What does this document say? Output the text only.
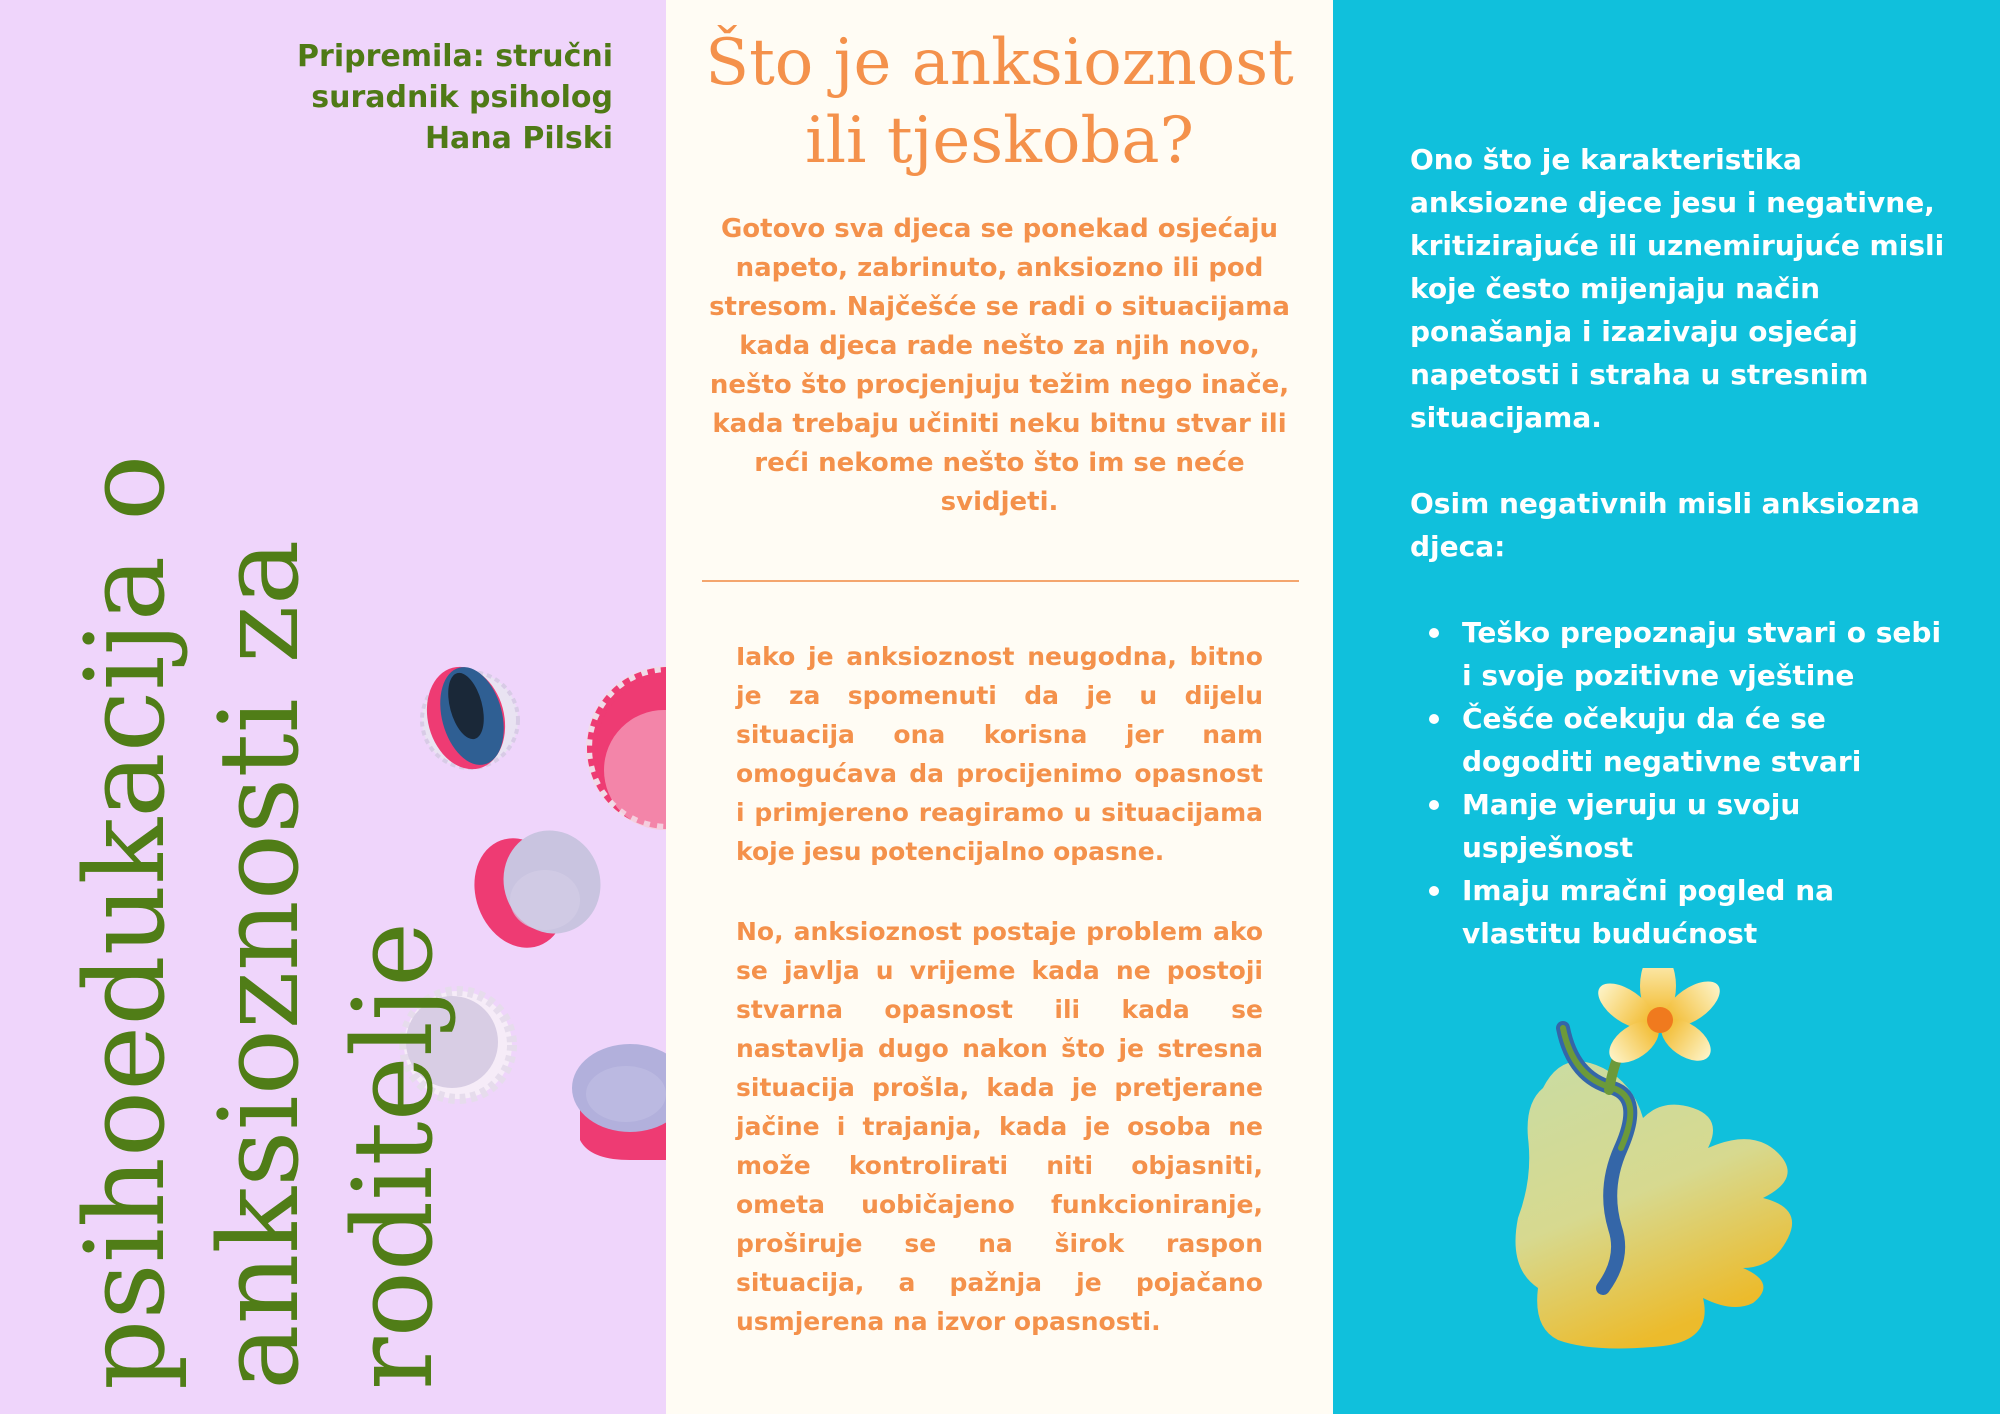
Pripremila: stručni
suradnik psiholog
Hana Pilski
psihoedukacija o anksioznosti za roditelje
Što je anksioznost
ili tjeskoba?
Gotovo sva djeca se ponekad osjećaju napeto, zabrinuto, anksiozno ili pod stresom. Najčešće se radi o situacijama kada djeca rade nešto za njih novo, nešto što procjenjuju težim nego inače, kada trebaju učiniti neku bitnu stvar ili reći nekome nešto što im se neće svidjeti.
Iako je anksioznost neugodna, bitno je za spomenuti da je u dijelu situacija ona korisna jer nam omogućava da procijenimo opasnost i primjereno reagiramo u situacijama koje jesu potencijalno opasne.
No, anksioznost postaje problem ako se javlja u vrijeme kada ne postoji stvarna opasnost ili kada se nastavlja dugo nakon što je stresna situacija prošla, kada je pretjerane jačine i trajanja, kada je osoba ne može kontrolirati niti objasniti, ometa uobičajeno funkcioniranje, proširuje se na širok raspon situacija, a pažnja je pojačano usmjerena na izvor opasnosti.

Ono što je karakteristika anksiozne djece jesu i negativne, kritizirajuće ili uznemirujuće misli koje često mijenjaju način ponašanja i izazivaju osjećaj napetosti i straha u stresnim situacijama.

Osim negativnih misli anksiozna djeca:

Teško prepoznaju stvari o sebi i svoje pozitivne vještine
Češće očekuju da će se dogoditi negativne stvari
Manje vjeruju u svoju uspješnost
Imaju mračni pogled na vlastitu budućnost
